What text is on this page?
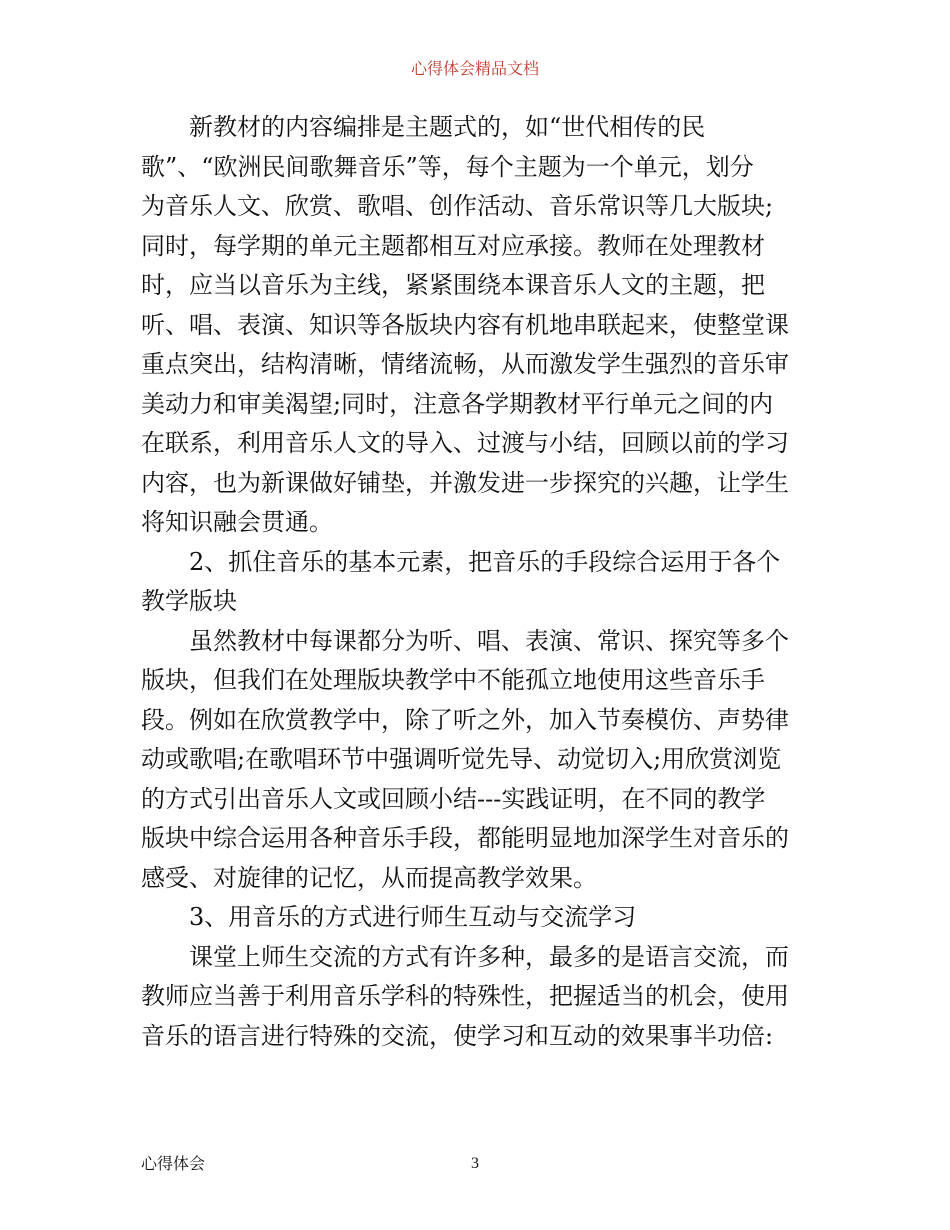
心得体会精品文档
新教材的内容编排是主题式的，如“世代相传的民
歌”、“欧洲民间歌舞音乐”等，每个主题为一个单元，划分
为音乐人文、欣赏、歌唱、创作活动、音乐常识等几大版块;
同时，每学期的单元主题都相互对应承接。教师在处理教材
时，应当以音乐为主线，紧紧围绕本课音乐人文的主题，把
听、唱、表演、知识等各版块内容有机地串联起来，使整堂课
重点突出，结构清晰，情绪流畅，从而激发学生强烈的音乐审
美动力和审美渴望;同时，注意各学期教材平行单元之间的内
在联系，利用音乐人文的导入、过渡与小结，回顾以前的学习
内容，也为新课做好铺垫，并激发进一步探究的兴趣，让学生
将知识融会贯通。
2、抓住音乐的基本元素，把音乐的手段综合运用于各个
教学版块
虽然教材中每课都分为听、唱、表演、常识、探究等多个
版块，但我们在处理版块教学中不能孤立地使用这些音乐手
段。例如在欣赏教学中，除了听之外，加入节奏模仿、声势律
动或歌唱;在歌唱环节中强调听觉先导、动觉切入;用欣赏浏览
的方式引出音乐人文或回顾小结---实践证明，在不同的教学
版块中综合运用各种音乐手段，都能明显地加深学生对音乐的
感受、对旋律的记忆，从而提高教学效果。
3、用音乐的方式进行师生互动与交流学习
课堂上师生交流的方式有许多种，最多的是语言交流，而
教师应当善于利用音乐学科的特殊性，把握适当的机会，使用
音乐的语言进行特殊的交流，使学习和互动的效果事半功倍:
心得体会	3
